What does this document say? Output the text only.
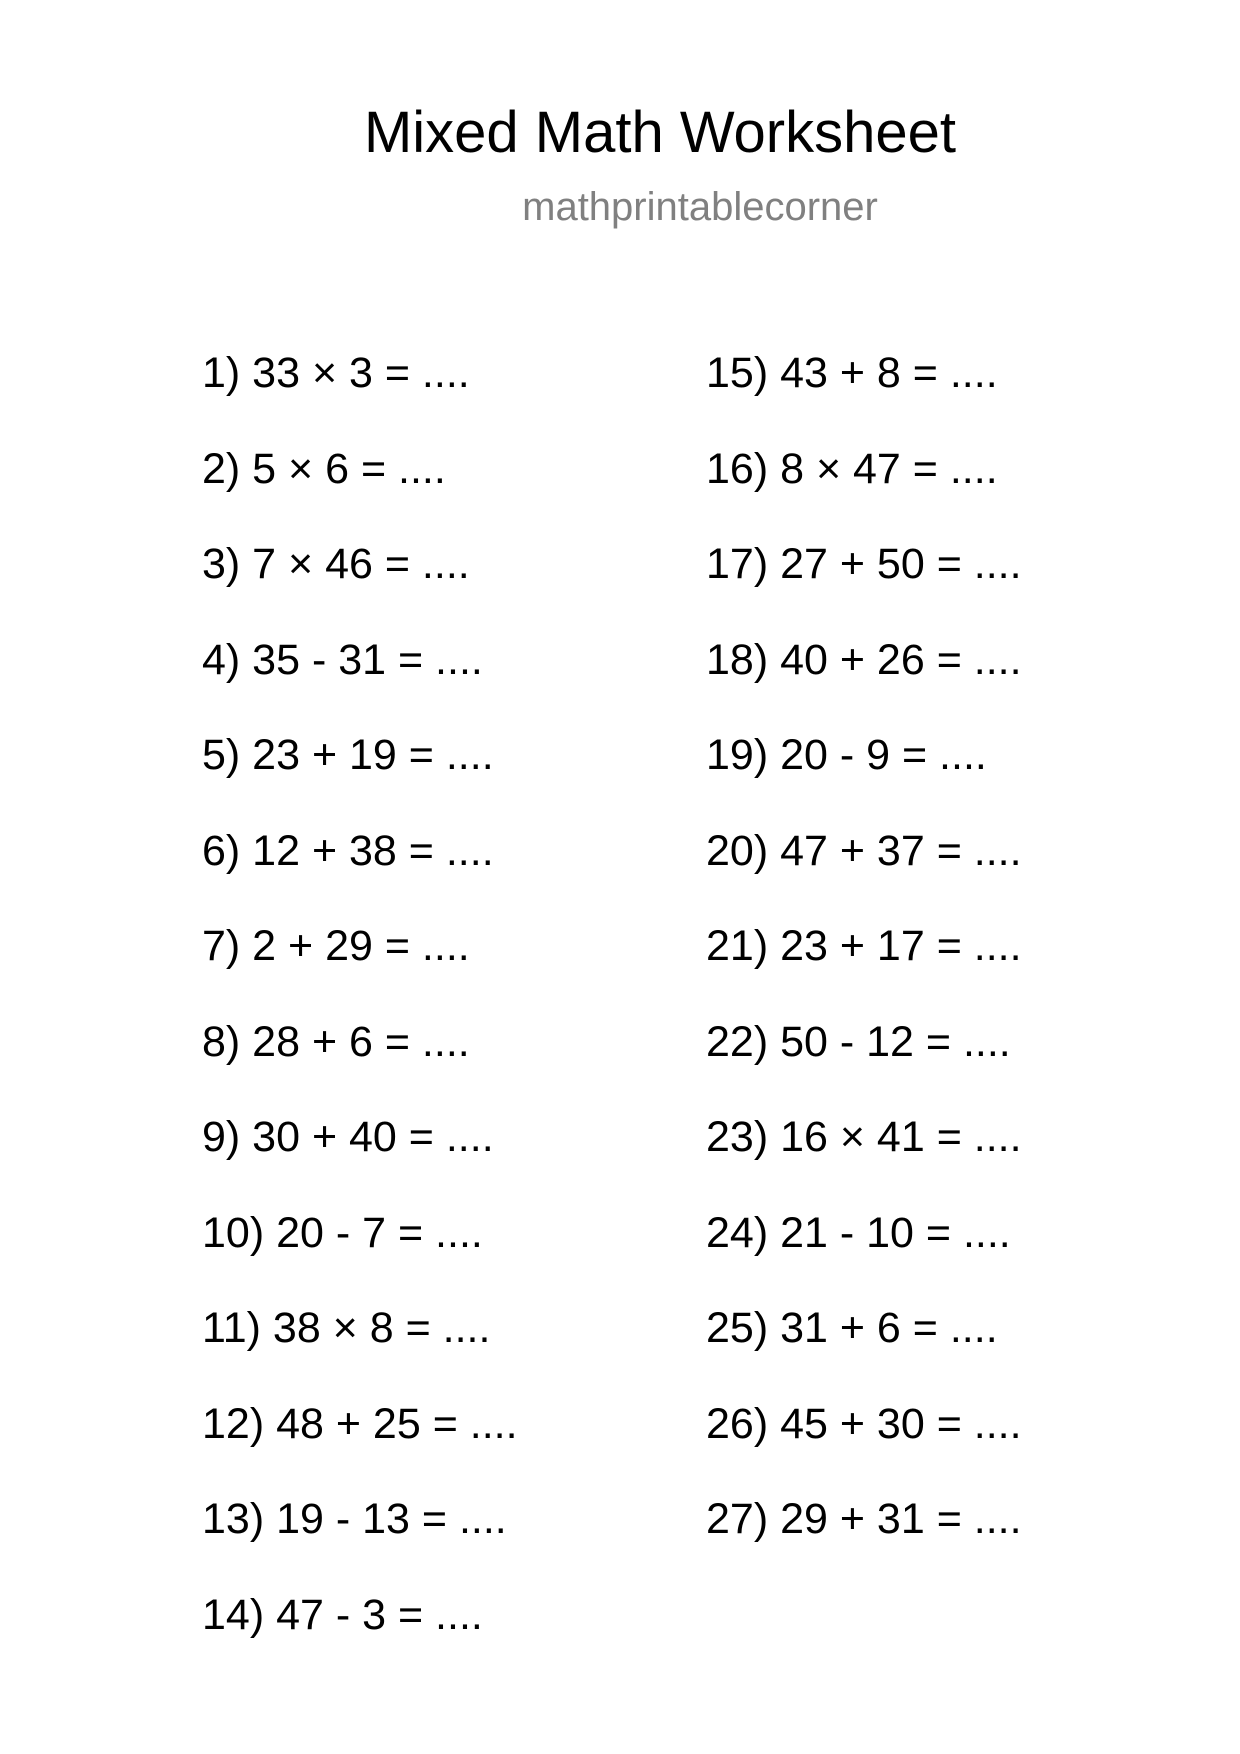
Mixed Math Worksheet
mathprintablecorner
1) 33 × 3 = ....
2) 5 × 6 = ....
3) 7 × 46 = ....
4) 35 - 31 = ....
5) 23 + 19 = ....
6) 12 + 38 = ....
7) 2 + 29 = ....
8) 28 + 6 = ....
9) 30 + 40 = ....
10) 20 - 7 = ....
11) 38 × 8 = ....
12) 48 + 25 = ....
13) 19 - 13 = ....
14) 47 - 3 = ....
15) 43 + 8 = ....
16) 8 × 47 = ....
17) 27 + 50 = ....
18) 40 + 26 = ....
19) 20 - 9 = ....
20) 47 + 37 = ....
21) 23 + 17 = ....
22) 50 - 12 = ....
23) 16 × 41 = ....
24) 21 - 10 = ....
25) 31 + 6 = ....
26) 45 + 30 = ....
27) 29 + 31 = ....
